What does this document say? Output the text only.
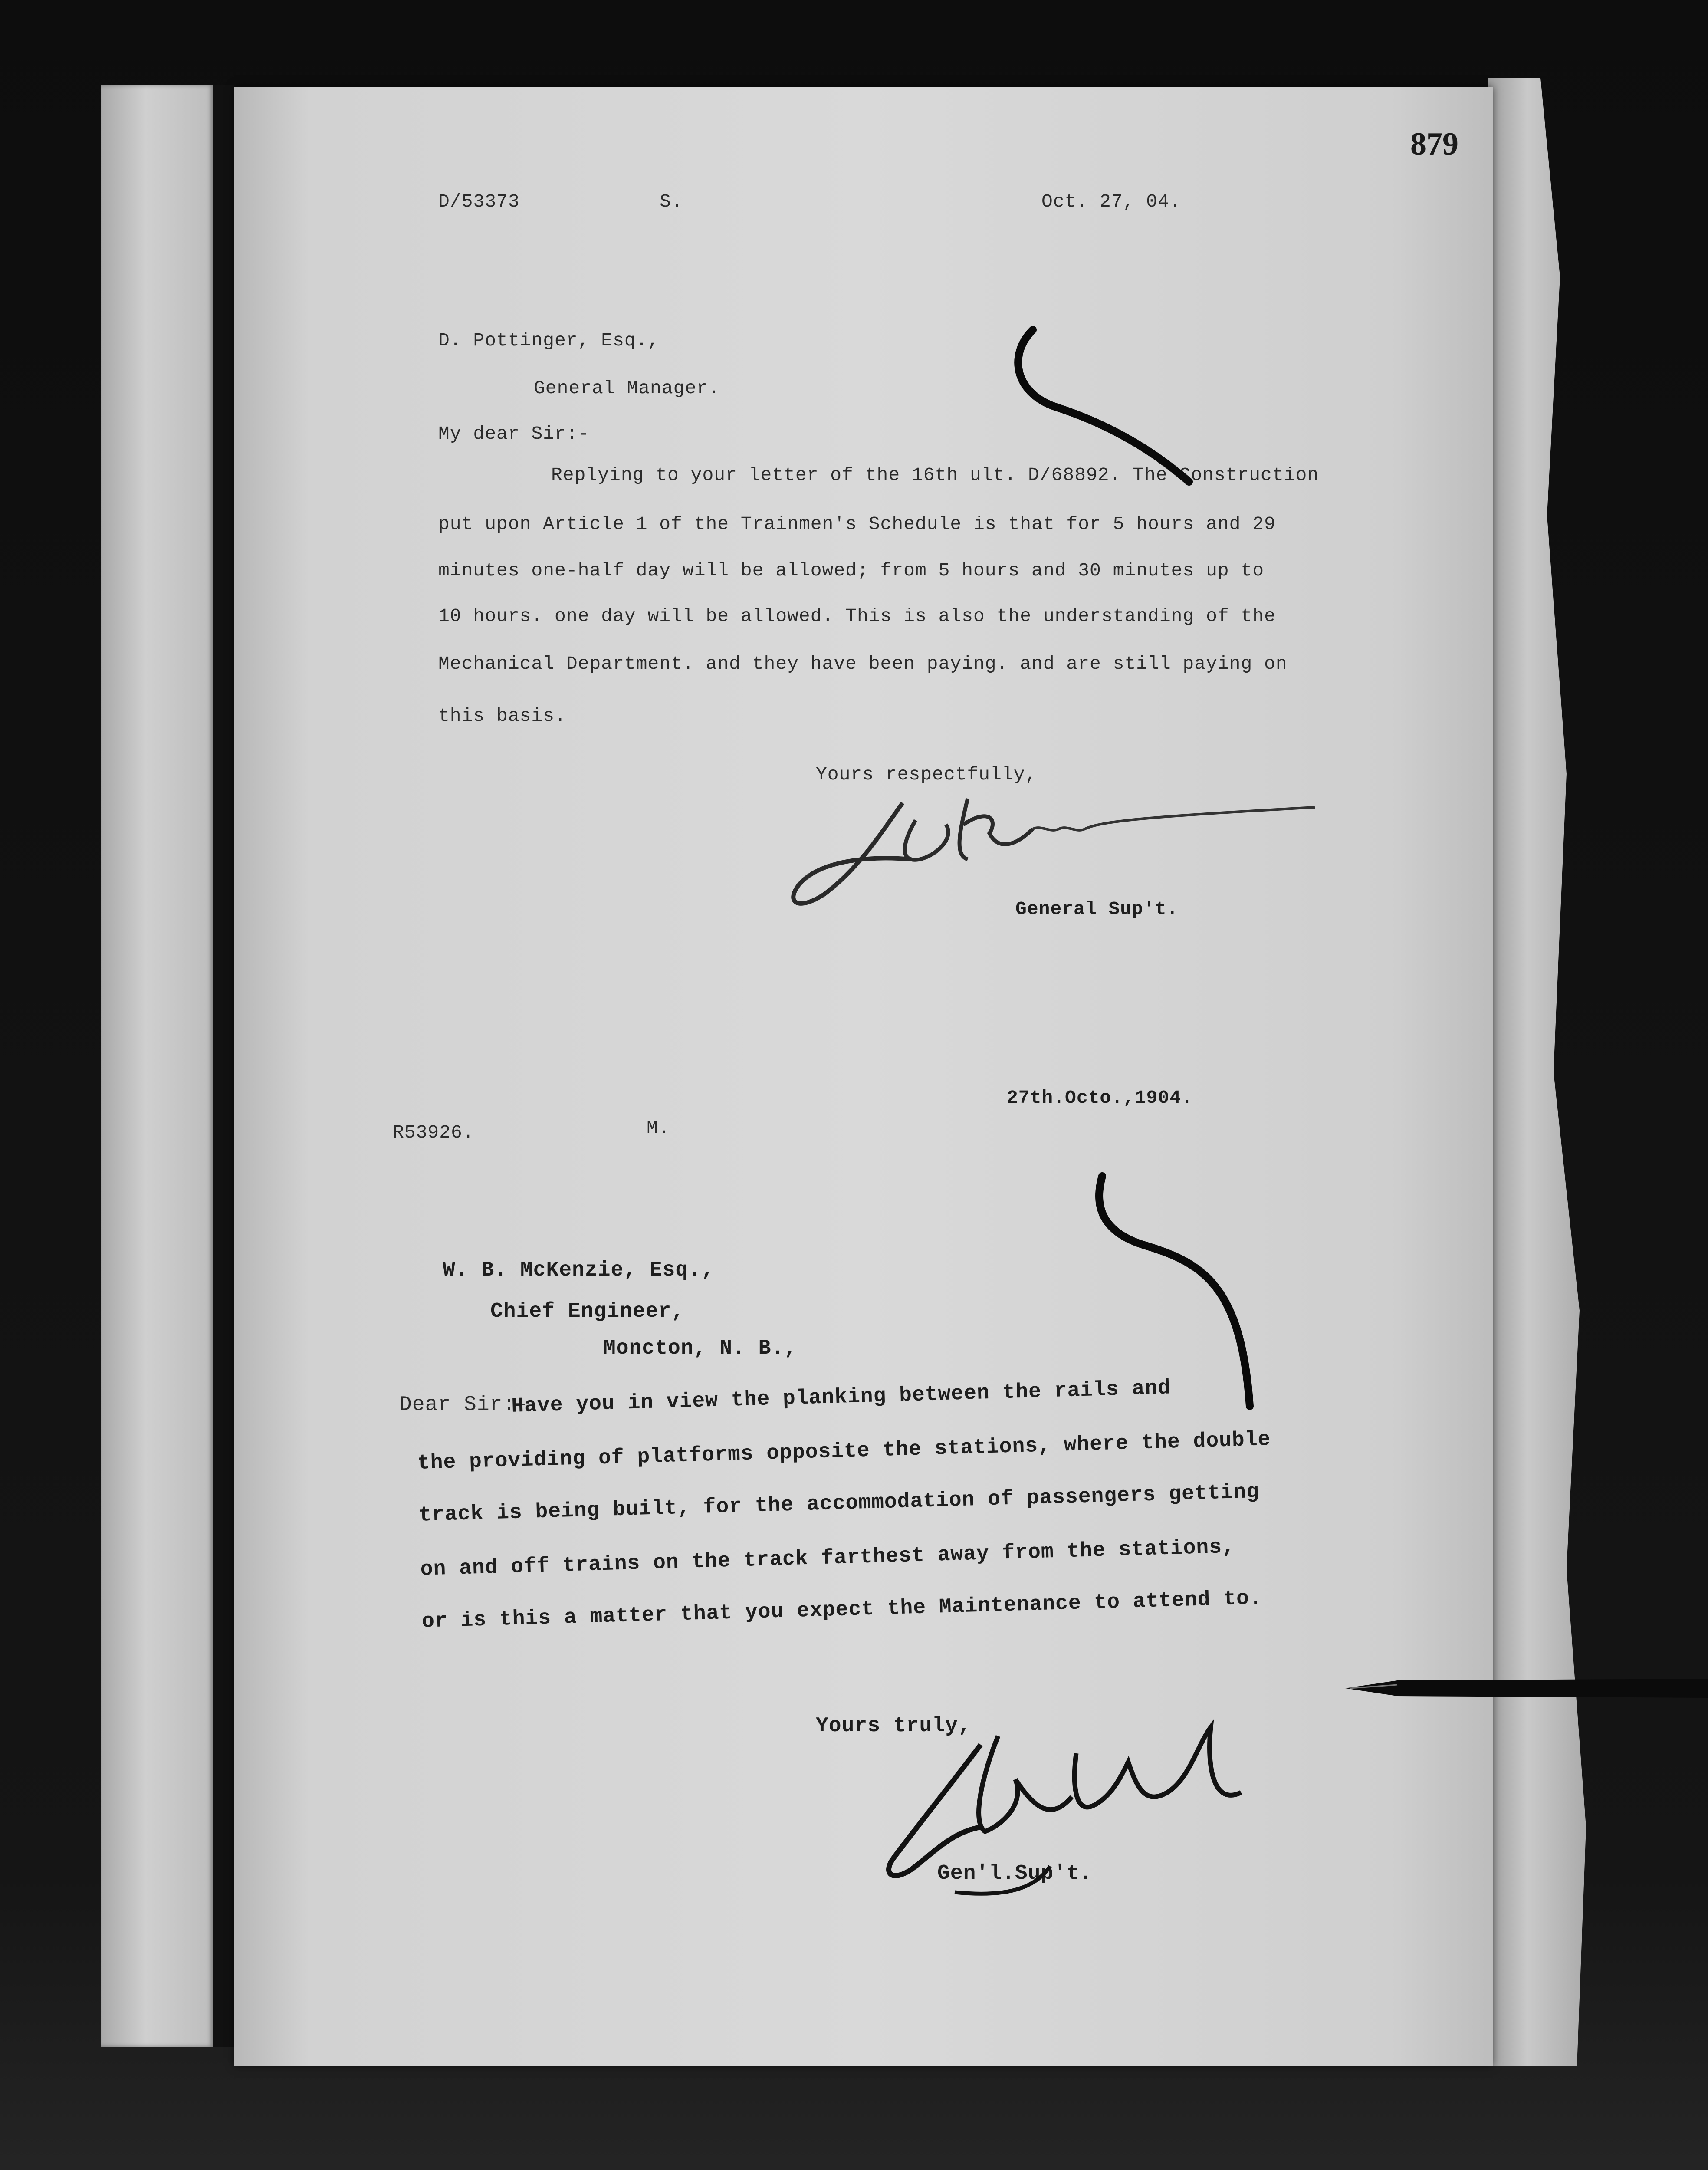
879
D/53373	S.	Oct. 27, 04.
D. Pottinger, Esq.,
General Manager.
My dear Sir:-
Replying to your letter of the 16th ult. D/68892. The Construction
put upon Article 1 of the Trainmen's Schedule is that for 5 hours and 29
minutes one-half day will be allowed; from 5 hours and 30 minutes up to
10 hours. one day will be allowed. This is also the understanding of the
Mechanical Department. and they have been paying. and are still paying on
this basis.
Yours respectfully,
General Sup't.
27th.Octo.,1904.
R53926.	M.
W. B. McKenzie, Esq.,
Chief Engineer,
Moncton, N. B.,
Dear Sir:-
Have you in view the planking between the rails and
the providing of platforms opposite the stations, where the double
track is being built, for the accommodation of passengers getting
on and off trains on the track farthest away from the stations,
or is this a matter that you expect the Maintenance to attend to.
Yours truly,
Gen'l.Sup't.
